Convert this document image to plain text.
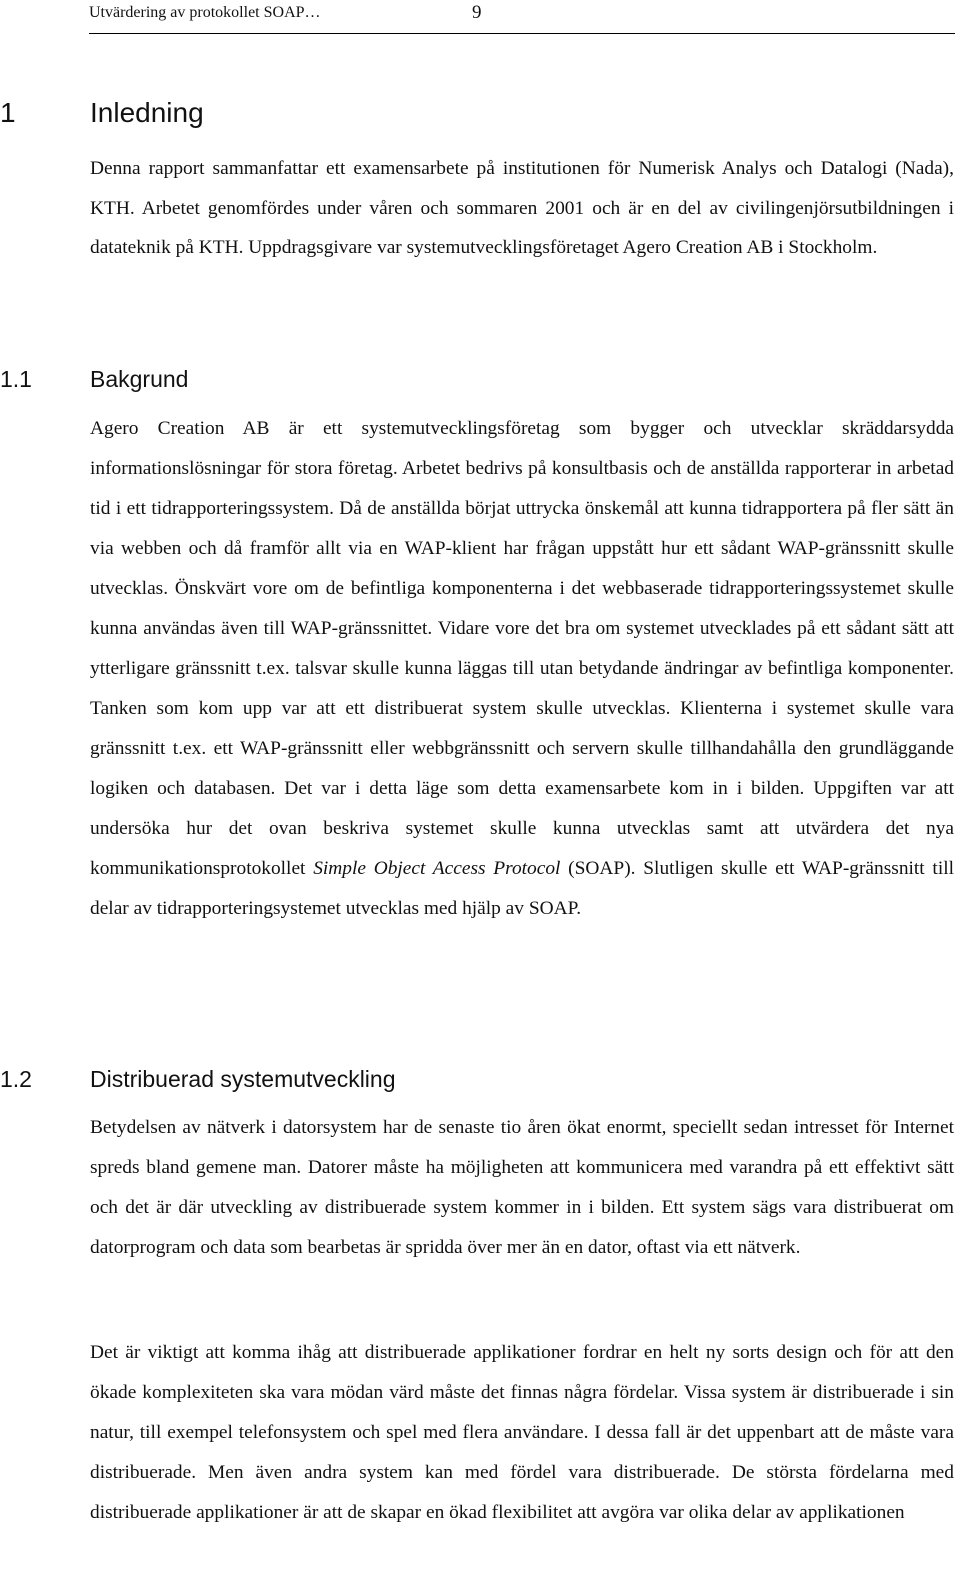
Utvärdering av protokollet SOAP…	9
1	Inledning

Denna rapport sammanfattar ett examensarbete på institutionen för Numerisk Analys och Datalogi (Nada), KTH. Arbetet genomfördes under våren och sommaren 2001 och är en del av civilingenjörsutbildningen i datateknik på KTH. Uppdragsgivare var systemutvecklingsföretaget Agero Creation AB i Stockholm.

1.1	Bakgrund

Agero Creation AB är ett systemutvecklingsföretag som bygger och utvecklar skräddarsydda informationslösningar för stora företag. Arbetet bedrivs på konsultbasis och de anställda rapporterar in arbetad tid i ett tidrapporteringssystem. Då de anställda börjat uttrycka önskemål att kunna tidrapportera på fler sätt än via webben och då framför allt via en WAP-klient har frågan uppstått hur ett sådant WAP-gränssnitt skulle utvecklas. Önskvärt vore om de befintliga komponenterna i det webbaserade tidrapporteringssystemet skulle kunna användas även till WAP-gränssnittet. Vidare vore det bra om systemet utvecklades på ett sådant sätt att ytterligare gränssnitt t.ex. talsvar skulle kunna läggas till utan betydande ändringar av befintliga komponenter. Tanken som kom upp var att ett distribuerat system skulle utvecklas. Klienterna i systemet skulle vara gränssnitt t.ex. ett WAP-gränssnitt eller webbgränssnitt och servern skulle tillhandahålla den grundläggande logiken och databasen. Det var i detta läge som detta examensarbete kom in i bilden. Uppgiften var att undersöka hur det ovan beskriva systemet skulle kunna utvecklas samt att utvärdera det nya kommunikationsprotokollet Simple Object Access Protocol (SOAP). Slutligen skulle ett WAP-gränssnitt till delar av tidrapporteringsystemet utvecklas med hjälp av SOAP.

1.2	Distribuerad systemutveckling

Betydelsen av nätverk i datorsystem har de senaste tio åren ökat enormt, speciellt sedan intresset för Internet spreds bland gemene man. Datorer måste ha möjligheten att kommunicera med varandra på ett effektivt sätt och det är där utveckling av distribuerade system kommer in i bilden. Ett system sägs vara distribuerat om datorprogram och data som bearbetas är spridda över mer än en dator, oftast via ett nätverk.

Det är viktigt att komma ihåg att distribuerade applikationer fordrar en helt ny sorts design och för att den ökade komplexiteten ska vara mödan värd måste det finnas några fördelar. Vissa system är distribuerade i sin natur, till exempel telefonsystem och spel med flera användare. I dessa fall är det uppenbart att de måste vara distribuerade. Men även andra system kan med fördel vara distribuerade. De största fördelarna med distribuerade applikationer är att de skapar en ökad flexibilitet att avgöra var olika delar av applikationen
